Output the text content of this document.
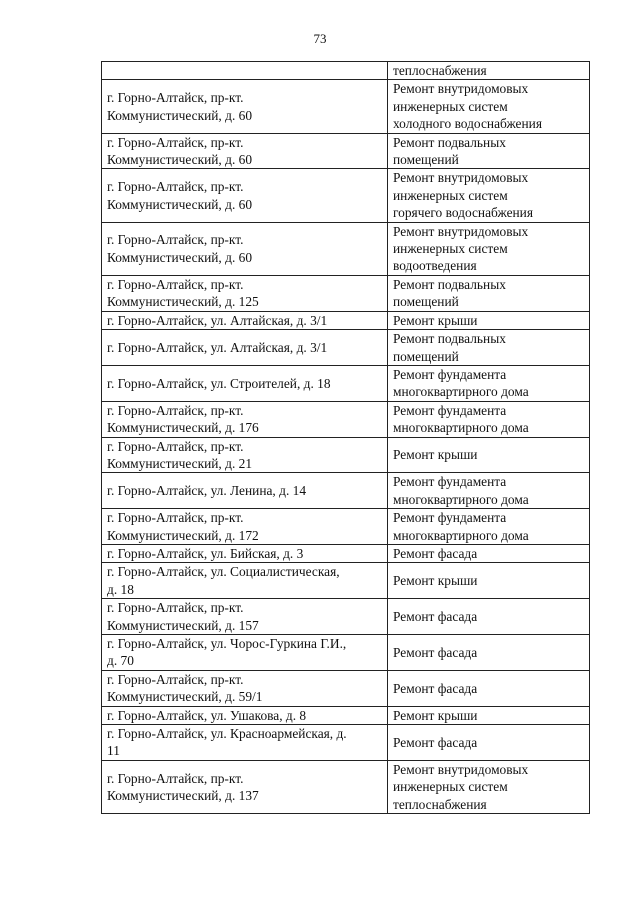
73

	теплоснабжения

г. Горно-Алтайск, пр-кт.
Коммунистический, д. 60	Ремонт внутридомовых
инженерных систем
холодного водоснабжения

г. Горно-Алтайск, пр-кт.
Коммунистический, д. 60	Ремонт подвальных
помещений

г. Горно-Алтайск, пр-кт.
Коммунистический, д. 60	Ремонт внутридомовых
инженерных систем
горячего водоснабжения

г. Горно-Алтайск, пр-кт.
Коммунистический, д. 60	Ремонт внутридомовых
инженерных систем
водоотведения

г. Горно-Алтайск, пр-кт.
Коммунистический, д. 125	Ремонт подвальных
помещений

г. Горно-Алтайск, ул. Алтайская, д. 3/1	Ремонт крыши

г. Горно-Алтайск, ул. Алтайская, д. 3/1	Ремонт подвальных
помещений

г. Горно-Алтайск, ул. Строителей, д. 18	Ремонт фундамента
многоквартирного дома

г. Горно-Алтайск, пр-кт.
Коммунистический, д. 176	Ремонт фундамента
многоквартирного дома

г. Горно-Алтайск, пр-кт.
Коммунистический, д. 21	Ремонт крыши

г. Горно-Алтайск, ул. Ленина, д. 14	Ремонт фундамента
многоквартирного дома

г. Горно-Алтайск, пр-кт.
Коммунистический, д. 172	Ремонт фундамента
многоквартирного дома

г. Горно-Алтайск, ул. Бийская, д. 3	Ремонт фасада

г. Горно-Алтайск, ул. Социалистическая,
д. 18	Ремонт крыши

г. Горно-Алтайск, пр-кт.
Коммунистический, д. 157	Ремонт фасада

г. Горно-Алтайск, ул. Чорос-Гуркина Г.И.,
д. 70	Ремонт фасада

г. Горно-Алтайск, пр-кт.
Коммунистический, д. 59/1	Ремонт фасада

г. Горно-Алтайск, ул. Ушакова, д. 8	Ремонт крыши

г. Горно-Алтайск, ул. Красноармейская, д.
11	Ремонт фасада

г. Горно-Алтайск, пр-кт.
Коммунистический, д. 137	Ремонт внутридомовых
инженерных систем
теплоснабжения
